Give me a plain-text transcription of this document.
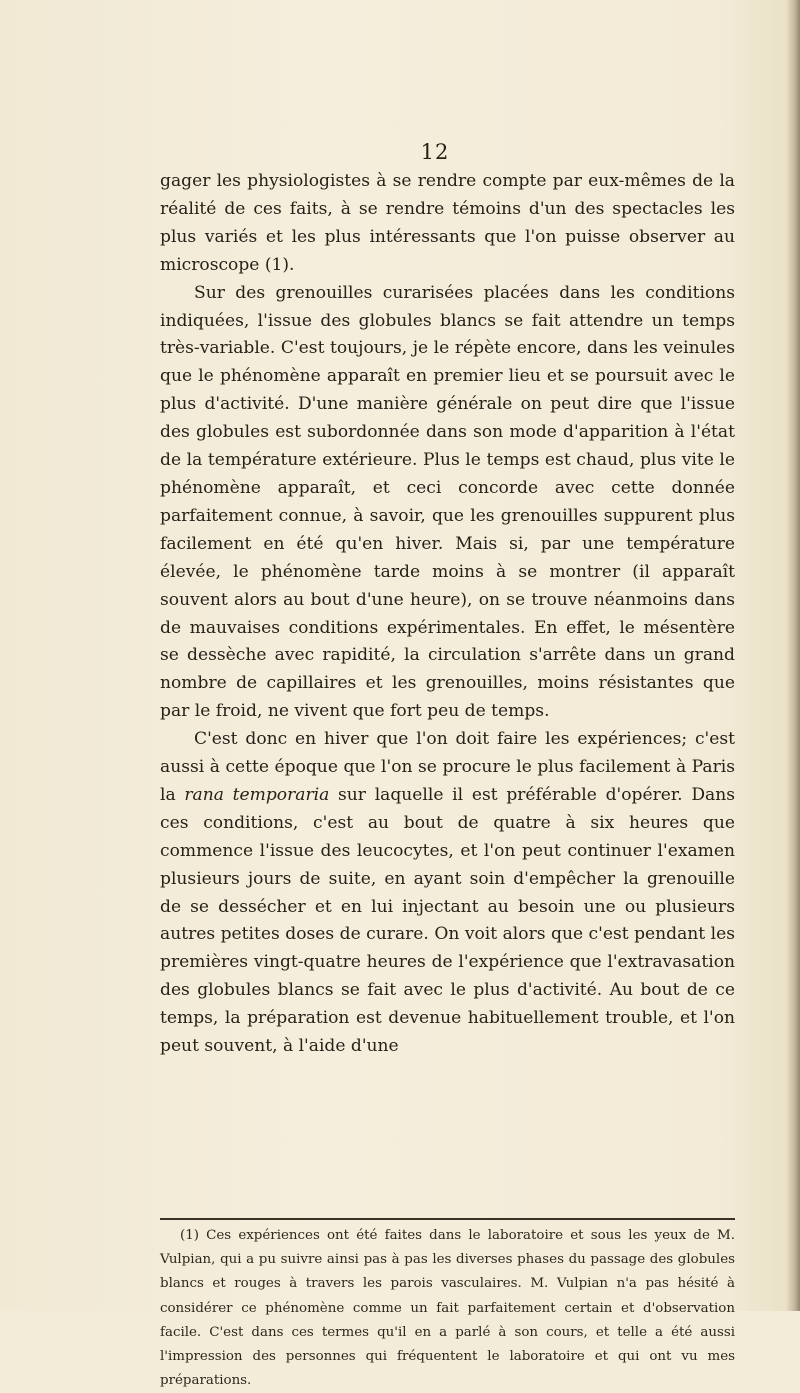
12

gager les physiologistes à se rendre compte par eux-mêmes de la réalité de ces faits, à se rendre témoins d'un des spectacles les plus variés et les plus intéressants que l'on puisse observer au microscope (1).

Sur des grenouilles curarisées placées dans les conditions indiquées, l'issue des globules blancs se fait attendre un temps très-variable. C'est toujours, je le répète encore, dans les veinules que le phénomène apparaît en premier lieu et se poursuit avec le plus d'activité. D'une manière générale on peut dire que l'issue des globules est subordonnée dans son mode d'apparition à l'état de la température extérieure. Plus le temps est chaud, plus vite le phénomène apparaît, et ceci concorde avec cette donnée parfaitement connue, à savoir, que les grenouilles suppurent plus facilement en été qu'en hiver. Mais si, par une température élevée, le phénomène tarde moins à se montrer (il apparaît souvent alors au bout d'une heure), on se trouve néanmoins dans de mauvaises conditions expérimentales. En effet, le mésentère se dessèche avec rapidité, la circulation s'arrête dans un grand nombre de capillaires et les grenouilles, moins résistantes que par le froid, ne vivent que fort peu de temps.

C'est donc en hiver que l'on doit faire les expériences; c'est aussi à cette époque que l'on se procure le plus facilement à Paris la rana temporaria sur laquelle il est préférable d'opérer. Dans ces conditions, c'est au bout de quatre à six heures que commence l'issue des leucocytes, et l'on peut continuer l'examen plusieurs jours de suite, en ayant soin d'empêcher la grenouille de se dessécher et en lui injectant au besoin une ou plusieurs autres petites doses de curare. On voit alors que c'est pendant les premières vingt-quatre heures de l'expérience que l'extravasation des globules blancs se fait avec le plus d'activité. Au bout de ce temps, la préparation est devenue habituellement trouble, et l'on peut souvent, à l'aide d'une

(1) Ces expériences ont été faites dans le laboratoire et sous les yeux de M. Vulpian, qui a pu suivre ainsi pas à pas les diverses phases du passage des globules blancs et rouges à travers les parois vasculaires. M. Vulpian n'a pas hésité à considérer ce phénomène comme un fait parfaitement certain et d'observation facile. C'est dans ces termes qu'il en a parlé à son cours, et telle a été aussi l'impression des personnes qui fréquentent le laboratoire et qui ont vu mes préparations.
